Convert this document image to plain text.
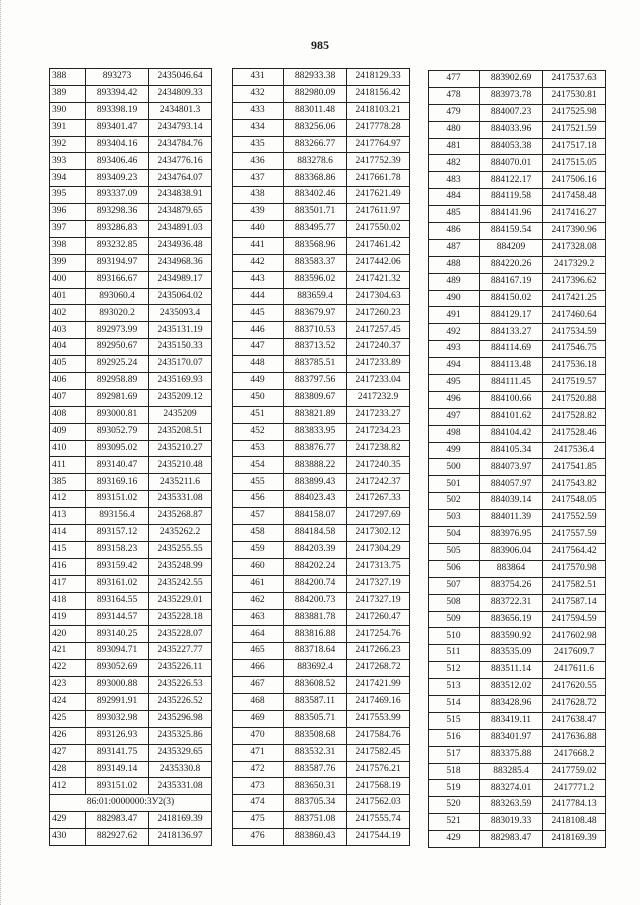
985
388	893273	2435046.64
389	893394.42	2434809.33
390	893398.19	2434801.3
391	893401.47	2434793.14
392	893404.16	2434784.76
393	893406.46	2434776.16
394	893409.23	2434764.07
395	893337.09	2434838.91
396	893298.36	2434879.65
397	893286.83	2434891.03
398	893232.85	2434936.48
399	893194.97	2434968.36
400	893166.67	2434989.17
401	893060.4	2435064.02
402	893020.2	2435093.4
403	892973.99	2435131.19
404	892950.67	2435150.33
405	892925.24	2435170.07
406	892958.89	2435169.93
407	892981.69	2435209.12
408	893000.81	2435209
409	893052.79	2435208.51
410	893095.02	2435210.27
411	893140.47	2435210.48
385	893169.16	2435211.6
412	893151.02	2435331.08
413	893156.4	2435268.87
414	893157.12	2435262.2
415	893158.23	2435255.55
416	893159.42	2435248.99
417	893161.02	2435242.55
418	893164.55	2435229.01
419	893144.57	2435228.18
420	893140.25	2435228.07
421	893094.71	2435227.77
422	893052.69	2435226.11
423	893000.88	2435226.53
424	892991.91	2435226.52
425	893032.98	2435296.98
426	893126.93	2435325.86
427	893141.75	2435329.65
428	893149.14	2435330.8
412	893151.02	2435331.08
86:01:0000000:3У2(3)		
429	882983.47	2418169.39
430	882927.62	2418136.97
431	882933.38	2418129.33
432	882980.09	2418156.42
433	883011.48	2418103.21
434	883256.06	2417778.28
435	883266.77	2417764.97
436	883278.6	2417752.39
437	883368.86	2417661.78
438	883402.46	2417621.49
439	883501.71	2417611.97
440	883495.77	2417550.02
441	883568.96	2417461.42
442	883583.37	2417442.06
443	883596.02	2417421.32
444	883659.4	2417304.63
445	883679.97	2417260.23
446	883710.53	2417257.45
447	883713.52	2417240.37
448	883785.51	2417233.89
449	883797.56	2417233.04
450	883809.67	2417232.9
451	883821.89	2417233.27
452	883833.95	2417234.23
453	883876.77	2417238.82
454	883888.22	2417240.35
455	883899.43	2417242.37
456	884023.43	2417267.33
457	884158.07	2417297.69
458	884184.58	2417302.12
459	884203.39	2417304.29
460	884202.24	2417313.75
461	884200.74	2417327.19
462	884200.73	2417327.19
463	883881.78	2417260.47
464	883816.88	2417254.76
465	883718.64	2417266.23
466	883692.4	2417268.72
467	883608.52	2417421.99
468	883587.11	2417469.16
469	883505.71	2417553.99
470	883508.68	2417584.76
471	883532.31	2417582.45
472	883587.76	2417576.21
473	883650.31	2417568.19
474	883705.34	2417562.03
475	883751.08	2417555.74
476	883860.43	2417544.19
477	883902.69	2417537.63
478	883973.78	2417530.81
479	884007.23	2417525.98
480	884033.96	2417521.59
481	884053.38	2417517.18
482	884070.01	2417515.05
483	884122.17	2417506.16
484	884119.58	2417458.48
485	884141.96	2417416.27
486	884159.54	2417390.96
487	884209	2417328.08
488	884220.26	2417329.2
489	884167.19	2417396.62
490	884150.02	2417421.25
491	884129.17	2417460.64
492	884133.27	2417534.59
493	884114.69	2417546.75
494	884113.48	2417536.18
495	884111.45	2417519.57
496	884100.66	2417520.88
497	884101.62	2417528.82
498	884104.42	2417528.46
499	884105.34	2417536.4
500	884073.97	2417541.85
501	884057.97	2417543.82
502	884039.14	2417548.05
503	884011.39	2417552.59
504	883976.95	2417557.59
505	883906.04	2417564.42
506	883864	2417570.98
507	883754.26	2417582.51
508	883722.31	2417587.14
509	883656.19	2417594.59
510	883590.92	2417602.98
511	883535.09	2417609.7
512	883511.14	2417611.6
513	883512.02	2417620.55
514	883428.96	2417628.72
515	883419.11	2417638.47
516	883401.97	2417636.88
517	883375.88	2417668.2
518	883285.4	2417759.02
519	883274.01	2417771.2
520	883263.59	2417784.13
521	883019.33	2418108.48
429	882983.47	2418169.39
